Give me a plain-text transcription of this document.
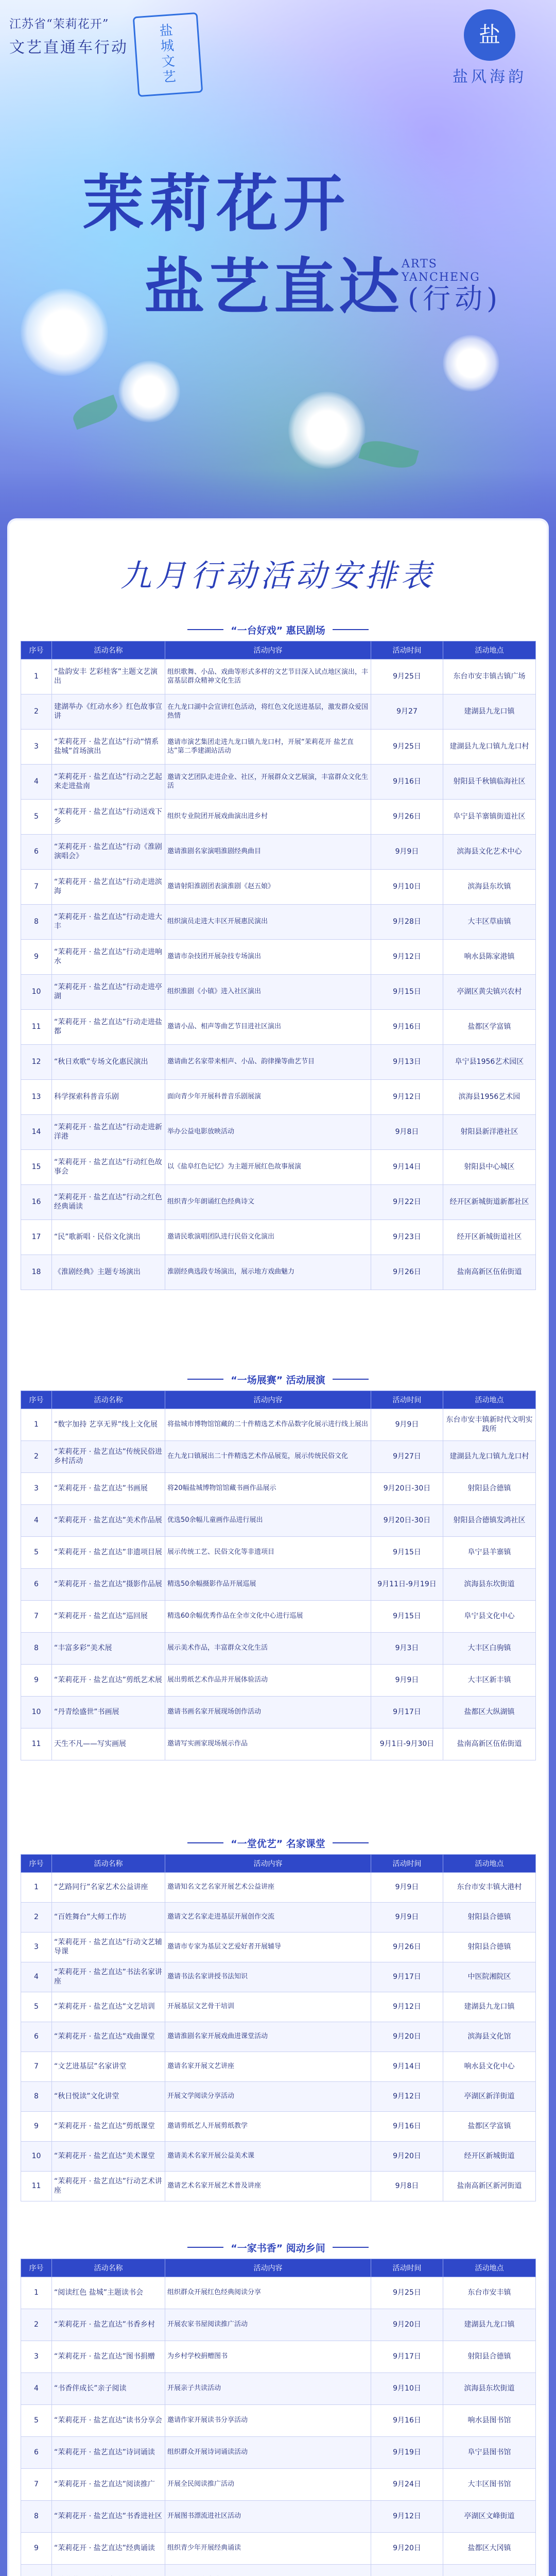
江苏省“茉莉花开”
文艺直通车行动
盐
城
文
艺
盐
盐风海韵
茉莉花开
盐艺直达 (行动)
ARTS
YANCHENG
九月行动活动安排表
“一台好戏” 惠民剧场
序号	活动名称	活动内容	活动时间	活动地点
1	“盐韵安丰 艺彩桂客”主题文艺演出	组织歌舞、小品、戏曲等形式多样的文艺节目深入试点地区演出，丰富基层群众精神文化生活	9月25日	东台市安丰镇古镇广场
2	建湖举办《红动水乡》红色故事宣讲	在九龙口湖中会宣讲红色活动，将红色文化送进基层，激发群众爱国热情	9月27	建湖县九龙口镇
3	“茉莉花开 · 盐艺直达”行动“情系盐城”首场演出	邀请市演艺集团走进九龙口镇九龙口村，开展“茉莉花开 盐艺直达”第二季建湖站活动	9月25日	建湖县九龙口镇九龙口村
4	“茉莉花开 · 盐艺直达”行动之艺起来走进盐南	邀请文艺团队走进企业、社区，开展群众文艺展演，丰富群众文化生活	9月16日	射阳县千秋镇临海社区
5	“茉莉花开 · 盐艺直达”行动送戏下乡	组织专业院团开展戏曲演出进乡村	9月26日	阜宁县羊寨镇街道社区
6	“茉莉花开 · 盐艺直达”行动《淮剧演唱会》	邀请淮剧名家演唱淮剧经典曲目	9月9日	滨海县文化艺术中心
7	“茉莉花开 · 盐艺直达”行动走进滨海	邀请射阳淮剧团表演淮剧《赵五娘》	9月10日	滨海县东坎镇
8	“茉莉花开 · 盐艺直达”行动走进大丰	组织演员走进大丰区开展惠民演出	9月28日	大丰区草庙镇
9	“茉莉花开 · 盐艺直达”行动走进响水	邀请市杂技团开展杂技专场演出	9月12日	响水县陈家港镇
10	“茉莉花开 · 盐艺直达”行动走进亭湖	组织淮剧《小镇》进入社区演出	9月15日	亭湖区黄尖镇兴农村
11	“茉莉花开 · 盐艺直达”行动走进盐都	邀请小品、相声等曲艺节目进社区演出	9月16日	盐都区学富镇
12	“秋日欢歌”专场文化惠民演出	邀请曲艺名家带来相声、小品、韵律操等曲艺节目	9月13日	阜宁县1956艺术园区
13	科学探索科普音乐剧	面向青少年开展科普音乐剧展演	9月12日	滨海县1956艺术园
14	“茉莉花开 · 盐艺直达”行动走进新洋港	举办公益电影放映活动	9月8日	射阳县新洋港社区
15	“茉莉花开 · 盐艺直达”行动红色故事会	以《盐阜红色记忆》为主题开展红色故事展演	9月14日	射阳县中心城区
16	“茉莉花开 · 盐艺直达”行动之红色经典诵读	组织青少年朗诵红色经典诗文	9月22日	经开区新城街道新都社区
17	“民”歌新唱 · 民俗文化演出	邀请民歌演唱团队进行民俗文化演出	9月23日	经开区新城街道社区
18	《淮剧经典》主题专场演出	淮剧经典选段专场演出，展示地方戏曲魅力	9月26日	盐南高新区伍佑街道
“一场展赛” 活动展演
序号	活动名称	活动内容	活动时间	活动地点
1	“数字加持 艺享无界”线上文化展	将盐城市博物馆馆藏的二十件精选艺术作品数字化展示进行线上展出	9月9日	东台市安丰镇新时代文明实践所
2	“茉莉花开 · 盐艺直达”传统民俗进乡村活动	在九龙口镇展出二十件精选艺术作品展览，展示传统民俗文化	9月27日	建湖县九龙口镇九龙口村
3	“茉莉花开 · 盐艺直达”书画展	将20幅盐城博物馆馆藏书画作品展示	9月20日-30日	射阳县合德镇
4	“茉莉花开 · 盐艺直达”美术作品展	优选50余幅儿童画作品进行展出	9月20日-30日	射阳县合德镇发鸿社区
5	“茉莉花开 · 盐艺直达”非遗项目展	展示传统工艺、民俗文化等非遗项目	9月15日	阜宁县羊寨镇
6	“茉莉花开 · 盐艺直达”摄影作品展	精选50余幅摄影作品开展巡展	9月11日-9月19日	滨海县东坎街道
7	“茉莉花开 · 盐艺直达”巡回展	精选60余幅优秀作品在全市文化中心进行巡展	9月15日	阜宁县文化中心
8	“丰富多彩”美术展	展示美术作品，丰富群众文化生活	9月3日	大丰区白驹镇
9	“茉莉花开 · 盐艺直达”剪纸艺术展	展出剪纸艺术作品并开展体验活动	9月9日	大丰区新丰镇
10	“丹青绘盛世”书画展	邀请书画名家开展现场创作活动	9月17日	盐都区大纵湖镇
11	天生不凡——写实画展	邀请写实画家现场展示作品	9月1日-9月30日	盐南高新区伍佑街道
“一堂优艺” 名家课堂
序号	活动名称	活动内容	活动时间	活动地点
1	“艺路同行”名家艺术公益讲座	邀请知名文艺名家开展艺术公益讲座	9月9日	东台市安丰镇大港村
2	“百姓舞台”大师工作坊	邀请文艺名家走进基层开展创作交流	9月9日	射阳县合德镇
3	“茉莉花开 · 盐艺直达”行动文艺辅导课	邀请市专家为基层文艺爱好者开展辅导	9月26日	射阳县合德镇
4	“茉莉花开 · 盐艺直达”书法名家讲座	邀请书法名家讲授书法知识	9月17日	中医院湘院区
5	“茉莉花开 · 盐艺直达”文艺培训	开展基层文艺骨干培训	9月12日	建湖县九龙口镇
6	“茉莉花开 · 盐艺直达”戏曲课堂	邀请淮剧名家开展戏曲进课堂活动	9月20日	滨海县文化馆
7	“文艺进基层”名家讲堂	邀请名家开展文艺讲座	9月14日	响水县文化中心
8	“秋日悦读”文化讲堂	开展文学阅读分享活动	9月12日	亭湖区新洋街道
9	“茉莉花开 · 盐艺直达”剪纸课堂	邀请剪纸艺人开展剪纸教学	9月16日	盐都区学富镇
10	“茉莉花开 · 盐艺直达”美术课堂	邀请美术名家开展公益美术课	9月20日	经开区新城街道
11	“茉莉花开 · 盐艺直达”行动艺术讲座	邀请艺术名家开展艺术普及讲座	9月8日	盐南高新区新河街道
“一家书香” 阅动乡间
序号	活动名称	活动内容	活动时间	活动地点
1	“阅读红色 盐城”主题读书会	组织群众开展红色经典阅读分享	9月25日	东台市安丰镇
2	“茉莉花开 · 盐艺直达”书香乡村	开展农家书屋阅读推广活动	9月20日	建湖县九龙口镇
3	“茉莉花开 · 盐艺直达”图书捐赠	为乡村学校捐赠图书	9月17日	射阳县合德镇
4	“书香伴成长”亲子阅读	开展亲子共读活动	9月10日	滨海县东坎街道
5	“茉莉花开 · 盐艺直达”读书分享会	邀请作家开展读书分享活动	9月16日	响水县图书馆
6	“茉莉花开 · 盐艺直达”诗词诵读	组织群众开展诗词诵读活动	9月19日	阜宁县图书馆
7	“茉莉花开 · 盐艺直达”阅读推广	开展全民阅读推广活动	9月24日	大丰区图书馆
8	“茉莉花开 · 盐艺直达”书香进社区	开展图书漂流进社区活动	9月12日	亭湖区文峰街道
9	“茉莉花开 · 盐艺直达”经典诵读	组织青少年开展经典诵读	9月20日	盐都区大冈镇
